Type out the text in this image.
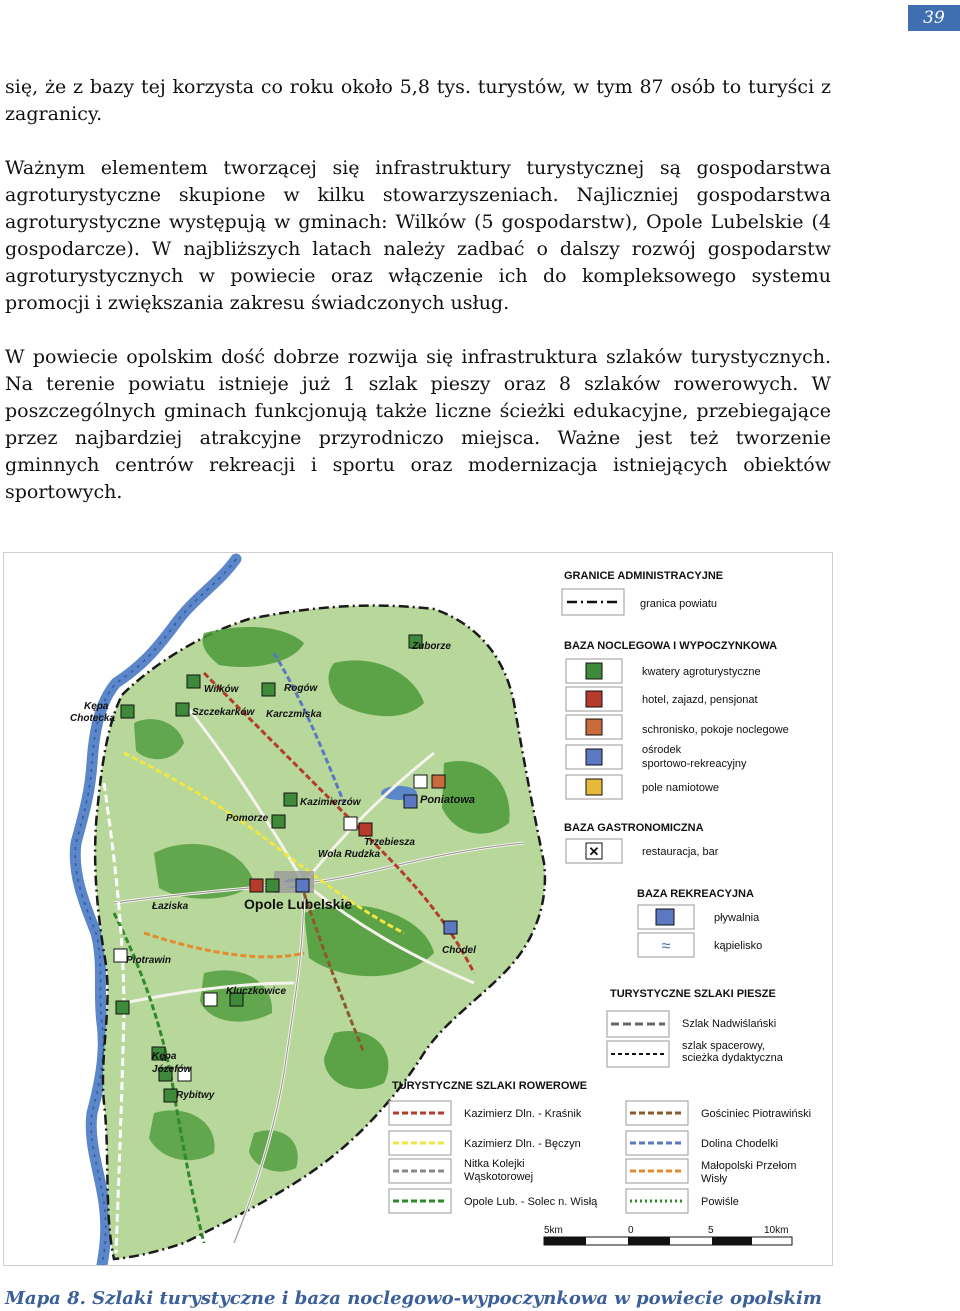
39

się, że z bazy tej korzysta co roku około 5,8 tys. turystów, w tym 87 osób to turyści z zagranicy.

Ważnym elementem tworzącej się infrastruktury turystycznej są gospodarstwa agroturystyczne skupione w kilku stowarzyszeniach. Najliczniej gospodarstwa agroturystyczne występują w gminach: Wilków (5 gospodarstw), Opole Lubelskie (4 gospodarcze). W najbliższych latach należy zadbać o dalszy rozwój gospodarstw agroturystycznych w powiecie oraz włączenie ich do kompleksowego systemu promocji i zwiększania zakresu świadczonych usług.

W powiecie opolskim dość dobrze rozwija się infrastruktura szlaków turystycznych. Na terenie powiatu istnieje już 1 szlak pieszy oraz 8 szlaków rowerowych. W poszczególnych gminach funkcjonują także liczne ścieżki edukacyjne, przebiegające przez najbardziej atrakcyjne przyrodniczo miejsca. Ważne jest też tworzenie gminnych centrów rekreacji i sportu oraz modernizacja istniejących obiektów sportowych.

Zuborze
Wilków	Rogów
Kępa
Chotecka
Szczekarków Karczmiska
Kazimierzów	Poniatowa
Pomorze
Trzebiesza
Wola Rudzka
Opole Lubelskie
Łaziska
Chodel
Piotrawin
Kluczkowice
Kępa
Józefów
Rybitwy
GRANICE ADMINISTRACYJNE
granica powiatu
BAZA NOCLEGOWA I WYPOCZYNKOWA
kwatery agroturystyczne
hotel, zajazd, pensjonat
schronisko, pokoje noclegowe
ośrodek
sportowo-rekreacyjny
pole namiotowe
BAZA GASTRONOMICZNA
✕	restauracja, bar
BAZA REKREACYJNA
pływalnia
≈	kąpielisko
TURYSTYCZNE SZLAKI PIESZE
Szlak Nadwiślański
szlak spacerowy,
scieżka dydaktyczna
TURYSTYCZNE SZLAKI ROWEROWE
Kazimierz Dln. - Kraśnik
Kazimierz Dln. - Bęczyn
Nitka Kolejki
Wąskotorowej
Opole Lub. - Solec n. Wisłą
Gościniec Piotrawiński
Dolina Chodelki
Małopolski Przełom
Wisły
Powiśle
5km	0	5	10km
Mapa 8. Szlaki turystyczne i baza noclegowo-wypoczynkowa w powiecie opolskim
